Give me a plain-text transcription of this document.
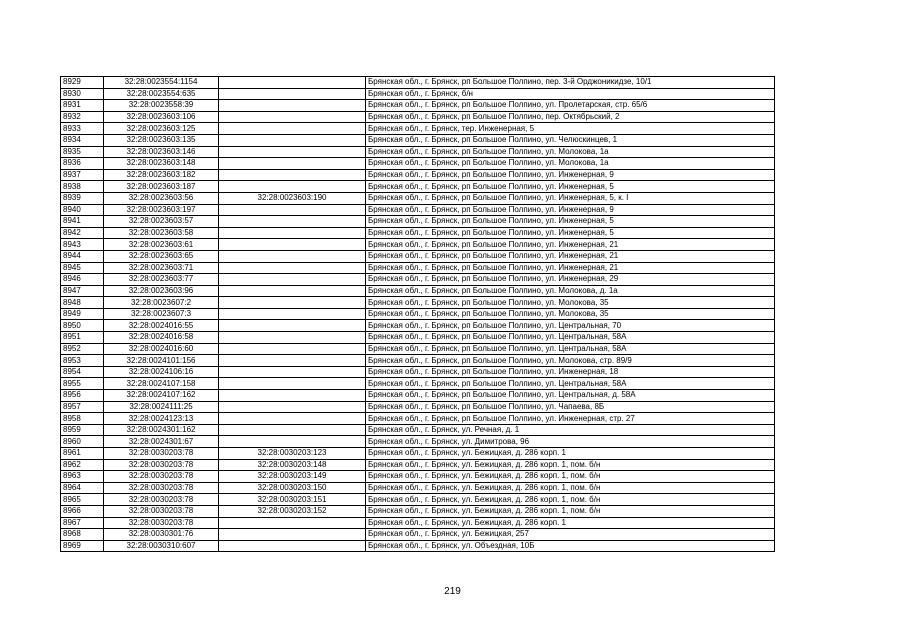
8929	32:28:0023554:1154		Брянская обл., г. Брянск, рп Большое Полпино, пер. 3-й Орджоникидзе, 10/1
8930	32:28:0023554:635		Брянская обл., г. Брянск, б/н
8931	32:28:0023558:39		Брянская обл., г. Брянск, рп Большое Полпино, ул. Пролетарская, стр. 65/6
8932	32:28:0023603:106		Брянская обл., г. Брянск, рп Большое Полпино, пер. Октябрьский, 2
8933	32:28:0023603:125		Брянская обл., г. Брянск, тер. Инженерная, 5
8934	32:28:0023603:135		Брянская обл., г. Брянск, рп Большое Полпино, ул. Челюскинцев, 1
8935	32:28:0023603:146		Брянская обл., г. Брянск, рп Большое Полпино, ул. Молокова, 1а
8936	32:28:0023603:148		Брянская обл., г. Брянск, рп Большое Полпино, ул. Молокова, 1а
8937	32:28:0023603:182		Брянская обл., г. Брянск, рп Большое Полпино, ул. Инженерная, 9
8938	32:28:0023603:187		Брянская обл., г. Брянск, рп Большое Полпино, ул. Инженерная, 5
8939	32:28:0023603:56	32:28:0023603:190	Брянская обл., г. Брянск, рп Большое Полпино, ул. Инженерная, 5, к. I
8940	32:28:0023603:197		Брянская обл., г. Брянск, рп Большое Полпино, ул. Инженерная, 9
8941	32:28:0023603:57		Брянская обл., г. Брянск, рп Большое Полпино, ул. Инженерная, 5
8942	32:28:0023603:58		Брянская обл., г. Брянск, рп Большое Полпино, ул. Инженерная, 5
8943	32:28:0023603:61		Брянская обл., г. Брянск, рп Большое Полпино, ул. Инженерная, 21
8944	32:28:0023603:65		Брянская обл., г. Брянск, рп Большое Полпино, ул. Инженерная, 21
8945	32:28:0023603:71		Брянская обл., г. Брянск, рп Большое Полпино, ул. Инженерная, 21
8946	32:28:0023603:77		Брянская обл., г. Брянск, рп Большое Полпино, ул. Инженерная, 29
8947	32:28:0023603:96		Брянская обл., г. Брянск, рп Большое Полпино, ул. Молокова, д. 1а
8948	32:28:0023607:2		Брянская обл., г. Брянск, рп Большое Полпино, ул. Молокова, 35
8949	32:28:0023607:3		Брянская обл., г. Брянск, рп Большое Полпино, ул. Молокова, 35
8950	32:28:0024016:55		Брянская обл., г. Брянск, рп Большое Полпино, ул. Центральная, 70
8951	32:28:0024016:58		Брянская обл., г. Брянск, рп Большое Полпино, ул. Центральная, 58А
8952	32:28:0024016:60		Брянская обл., г. Брянск, рп Большое Полпино, ул. Центральная, 58А
8953	32:28:0024101:156		Брянская обл., г. Брянск, рп Большое Полпино, ул. Молокова, стр. 89/9
8954	32:28:0024106:16		Брянская обл., г. Брянск, рп Большое Полпино, ул. Инженерная, 18
8955	32:28:0024107:158		Брянская обл., г. Брянск, рп Большое Полпино, ул. Центральная, 58А
8956	32:28:0024107:162		Брянская обл., г. Брянск, рп Большое Полпино, ул. Центральная, д. 58А
8957	32:28:0024111:25		Брянская обл., г. Брянск, рп Большое Полпино, ул. Чапаева, 8Б
8958	32:28:0024123:13		Брянская обл., г. Брянск, рп Большое Полпино, ул. Инженерная, стр. 27
8959	32:28:0024301:162		Брянская обл., г. Брянск, ул. Речная, д. 1
8960	32:28:0024301:67		Брянская обл., г. Брянск, ул. Димитрова, 96
8961	32:28:0030203:78	32:28:0030203:123	Брянская обл., г. Брянск, ул. Бежицкая, д. 286 корп. 1
8962	32:28:0030203:78	32:28:0030203:148	Брянская обл., г. Брянск, ул. Бежицкая, д. 286 корп. 1, пом. б/н
8963	32:28:0030203:78	32:28:0030203:149	Брянская обл., г. Брянск, ул. Бежицкая, д. 286 корп. 1, пом. б/н
8964	32:28:0030203:78	32:28:0030203:150	Брянская обл., г. Брянск, ул. Бежицкая, д. 286 корп. 1, пом. б/н
8965	32:28:0030203:78	32:28:0030203:151	Брянская обл., г. Брянск, ул. Бежицкая, д. 286 корп. 1, пом. б/н
8966	32:28:0030203:78	32:28:0030203:152	Брянская обл., г. Брянск, ул. Бежицкая, д. 286 корп. 1, пом. б/н
8967	32:28:0030203:78		Брянская обл., г. Брянск, ул. Бежицкая, д. 286 корп. 1
8968	32:28:0030301:76		Брянская обл., г. Брянск, ул. Бежицкая, 257
8969	32:28:0030310:607		Брянская обл., г. Брянск, ул. Объездная, 10Б
219
